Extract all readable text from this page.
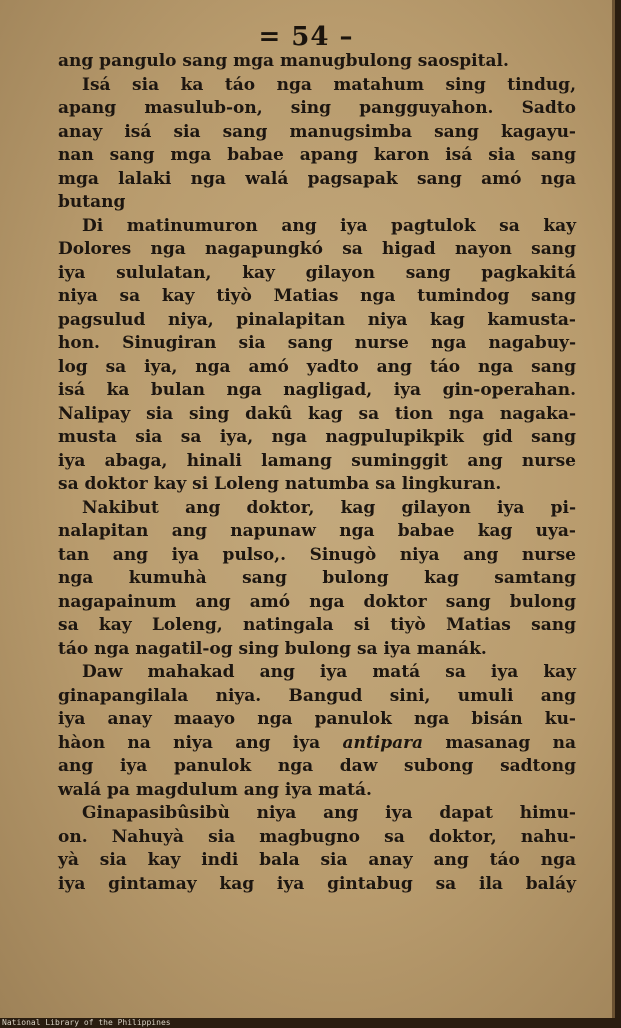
= 54 –
ang pangulo sang mga manugbulong saospital.
Isá sia ka táo nga matahum sing tindug,
apang masulub-on, sing pangguyahon. Sadto
anay isá sia sang manugsimba sang kagayu-
nan sang mga babae apang karon isá sia sang
mga lalaki nga walá pagsapak sang amó nga
butang
Di matinumuron ang iya pagtulok sa kay
Dolores nga nagapungkó sa higad nayon sang
iya sululatan, kay gilayon sang pagkakitá
niya sa kay tiyò Matias nga tumindog sang
pagsulud niya, pinalapitan niya kag kamusta-
hon. Sinugiran sia sang nurse nga nagabuy-
log sa iya, nga amó yadto ang táo nga sang
isá ka bulan nga nagligad, iya gin-operahan.
Nalipay sia sing dakû kag sa tion nga nagaka-
musta sia sa iya, nga nagpulupikpik gid sang
iya abaga, hinali lamang suminggit ang nurse
sa doktor kay si Loleng natumba sa lingkuran.
Nakibut ang doktor, kag gilayon iya pi-
nalapitan ang napunaw nga babae kag uya-
tan ang iya pulso,. Sinugò niya ang nurse
nga kumuhà sang bulong kag samtang
nagapainum ang amó nga doktor sang bulong
sa kay Loleng, natingala si tiyò Matias sang
táo nga nagatil-og sing bulong sa iya manák.
Daw mahakad ang iya matá sa iya kay
ginapangilala niya. Bangud sini, umuli ang
iya anay maayo nga panulok nga bisán ku-
hàon na niya ang iya antipara masanag na
ang iya panulok nga daw subong sadtong
walá pa magdulum ang iya matá.
Ginapasibûsibù niya ang iya dapat himu-
on. Nahuyà sia magbugno sa doktor, nahu-
yà sia kay indi bala sia anay ang táo nga
iya gintamay kag iya gintabug sa ila baláy
National Library of the Philippines
